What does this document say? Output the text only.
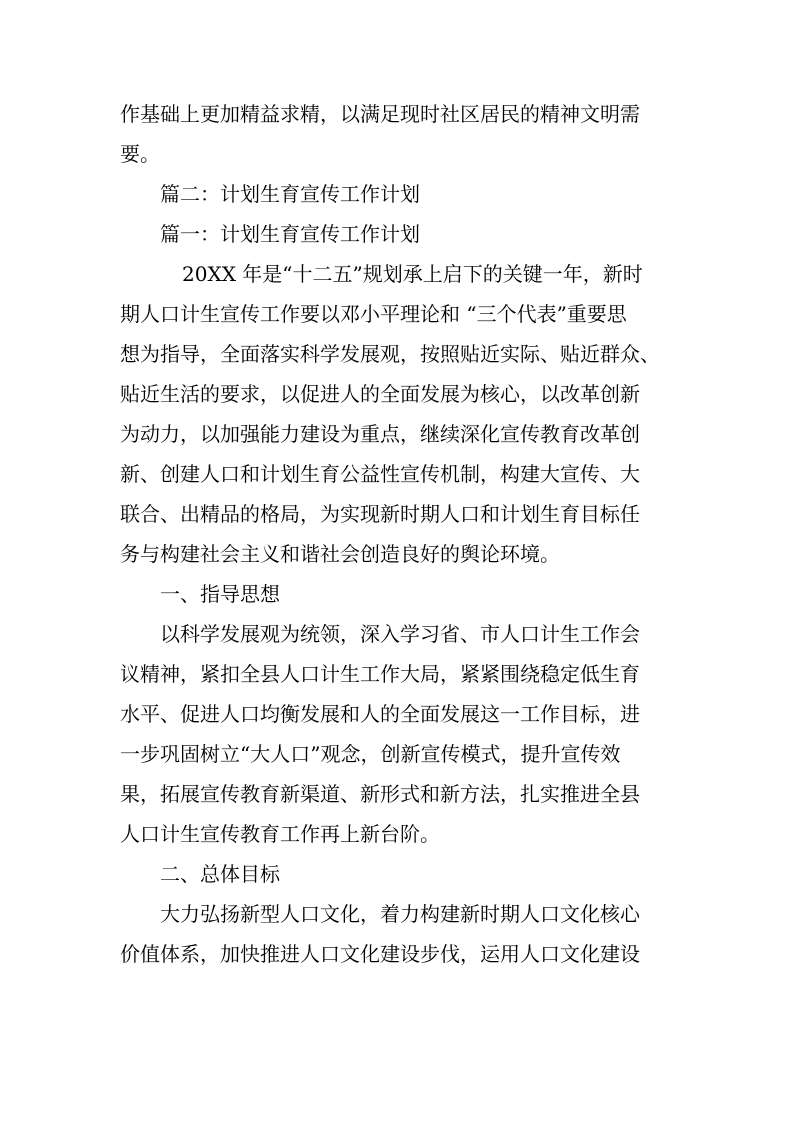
作基础上更加精益求精，以满足现时社区居民的精神文明需
要。
篇二：计划生育宣传工作计划
篇一：计划生育宣传工作计划
20XX 年是“十二五”规划承上启下的关键一年，新时
期人口计生宣传工作要以邓小平理论和 “三个代表”重要思
想为指导，全面落实科学发展观，按照贴近实际、贴近群众、
贴近生活的要求，以促进人的全面发展为核心，以改革创新
为动力，以加强能力建设为重点，继续深化宣传教育改革创
新、创建人口和计划生育公益性宣传机制，构建大宣传、大
联合、出精品的格局，为实现新时期人口和计划生育目标任
务与构建社会主义和谐社会创造良好的舆论环境。
一、指导思想
以科学发展观为统领，深入学习省、市人口计生工作会
议精神，紧扣全县人口计生工作大局，紧紧围绕稳定低生育
水平、促进人口均衡发展和人的全面发展这一工作目标，进
一步巩固树立“大人口”观念，创新宣传模式，提升宣传效
果，拓展宣传教育新渠道、新形式和新方法，扎实推进全县
人口计生宣传教育工作再上新台阶。
二、总体目标
大力弘扬新型人口文化，着力构建新时期人口文化核心
价值体系，加快推进人口文化建设步伐，运用人口文化建设
